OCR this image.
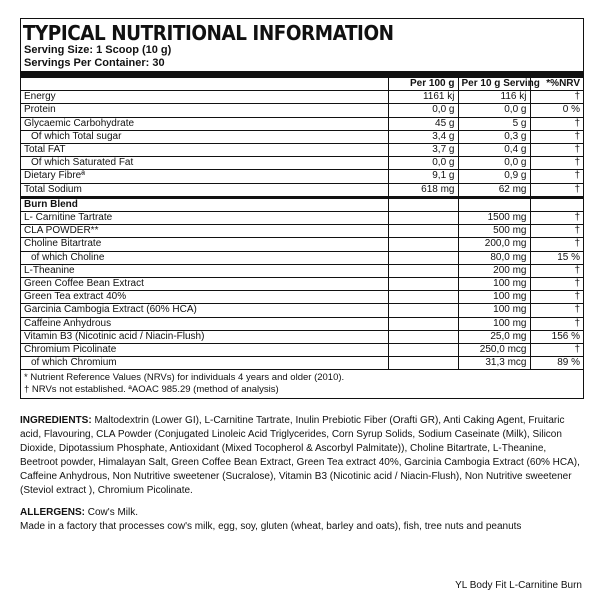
TYPICAL NUTRITIONAL INFORMATION
Serving Size: 1 Scoop (10 g)
Servings Per Container: 30
	Per 100 g	Per 10 g Serving	*%NRV
Energy	1161 kj	116 kj	†
Protein	0,0 g	0,0 g	0 %
Glycaemic Carbohydrate	45 g	5 g	†
Of which Total sugar	3,4 g	0,3 g	†
Total FAT	3,7 g	0,4 g	†
Of which Saturated Fat	0,0 g	0,0 g	†
Dietary Fibreª	9,1 g	0,9 g	†
Total Sodium	618 mg	62 mg	†
Burn Blend			
L- Carnitine Tartrate		1500 mg	†
CLA POWDER**		500 mg	†
Choline Bitartrate		200,0 mg	†
of which Choline		80,0 mg	15 %
L-Theanine		200 mg	†
Green Coffee Bean Extract		100 mg	†
Green Tea extract 40%		100 mg	†
Garcinia Cambogia Extract (60% HCA)		100 mg	†
Caffeine Anhydrous		100 mg	†
Vitamin B3 (Nicotinic acid / Niacin-Flush)		25,0 mg	156 %
Chromium Picolinate		250,0 mcg	†
of which Chromium		31,3 mcg	89 %
* Nutrient Reference Values (NRVs) for individuals 4 years and older (2010).
† NRVs not established. ªAOAC 985.29 (method of analysis)
INGREDIENTS: Maltodextrin (Lower GI), L-Carnitine Tartrate, Inulin Prebiotic Fiber (Orafti GR), Anti Caking Agent, Fruitaric acid, Flavouring, CLA Powder (Conjugated Linoleic Acid Triglycerides, Corn Syrup Solids, Sodium Caseinate (Milk), Silicon Dioxide, Dipotassium Phosphate, Antioxidant (Mixed Tocopherol & Ascorbyl Palmitate)), Choline Bitartrate, L-Theanine, Beetroot powder, Himalayan Salt, Green Coffee Bean Extract, Green Tea extract 40%, Garcinia Cambogia Extract (60% HCA), Caffeine Anhydrous, Non Nutritive sweetener (Sucralose), Vitamin B3 (Nicotinic acid / Niacin-Flush), Non Nutritive sweetener (Steviol extract ), Chromium Picolinate.
ALLERGENS: Cow's Milk.
Made in a factory that processes cow's milk, egg, soy, gluten (wheat, barley and oats), fish, tree nuts and peanuts
YL Body Fit L-Carnitine Burn
